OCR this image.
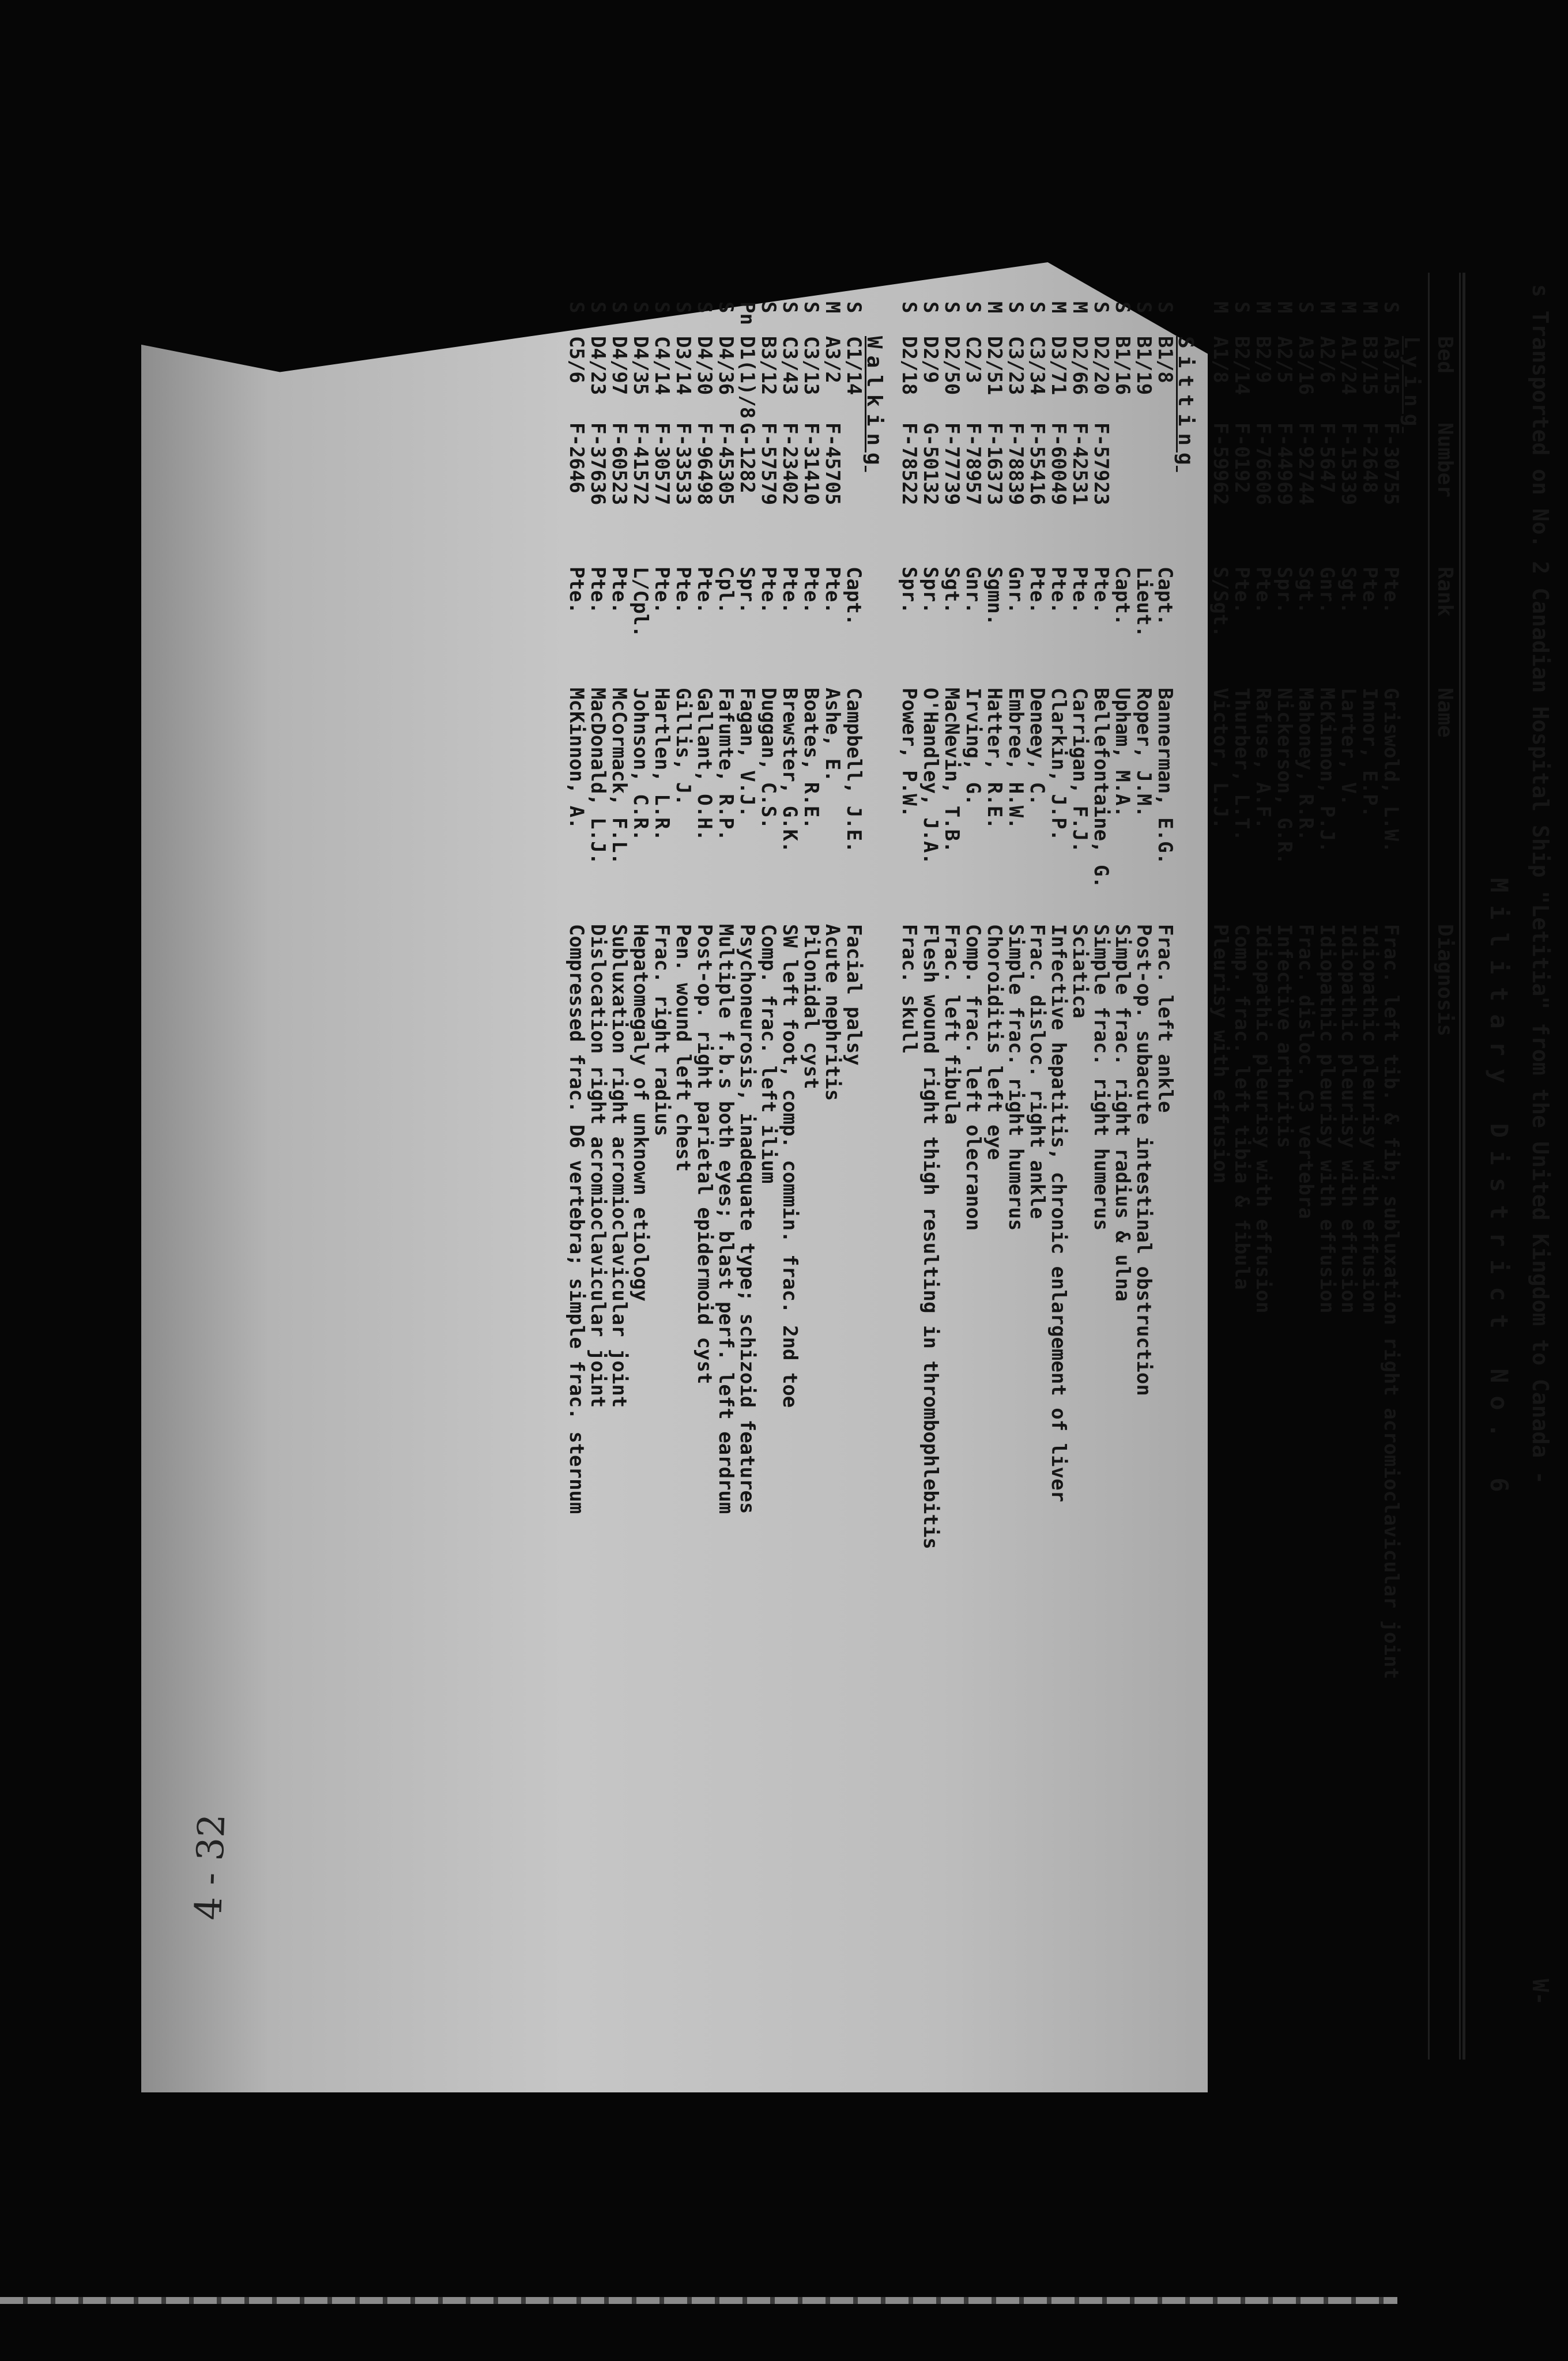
s Transported on No. 2 Canadian Hospital Ship "Letitia" from the United Kingdom to Canada -
W-
Military District No. 6
Bed
Number
Rank
Name
Diagnosis
Lying
S
A3/15
F-30755
Pte.
Griswold, L.W.
Frac. left tib. & fib; subluxation right acromioclavicular joint
M
B3/15
F-2648
Pte.
Innor, E.P.
Idiopathic pleurisy with effusion
M
A1/24
F-15339
Sgt.
Larter, V.
Idiopathic pleurisy with effusion
M
A2/6
F-5647
Gnr.
McKinnon, P.J.
Idiopathic pleurisy with effusion
S
A3/16
F-92744
Sgt.
Mahoney, R.R.
Frac. disloc. C3 vertebra
M
A2/5
F-44969
Spr.
Nickerson, G.R.
Infective arthritis
M
B2/9
F-76606
Pte.
Rafuse, A.F.
Idiopathic pleurisy with effusion
S
B2/14
F-0192
Pte.
Thurber, L.T.
Comp. frac. left tibia & fibula
M
A1/8
F-59962
S/Sgt.
Victor, L.J.
Pleurisy with effusion
Sitting
S
B1/8
Capt.
Bannerman, E.G.
Frac. left ankle
S
B1/19
Lieut.
Roper, J.M.
Post-op. subacute intestinal obstruction
S
B1/16
Capt.
Upham, M.A.
Simple frac. right radius & ulna
S
D2/20
F-57923
Pte.
Bellefontaine, G.
Simple frac. right humerus
M
D2/66
F-42531
Pte.
Carrigan, F.J.
Sciatica
M
D3/71
F-60049
Pte.
Clarkin, J.P.
Infective hepatitis, chronic enlargement of liver
S
C3/34
F-55416
Pte.
Deneey, C.
Frac. disloc. right ankle
S
C3/23
F-78839
Gnr.
Embree, H.W.
Simple frac. right humerus
M
D2/51
F-16373
Sgmn.
Hatter, R.E.
Choroiditis left eye
S
C2/3
F-78957
Gnr.
Irving, G.
Comp. frac. left olecranon
S
D2/50
F-77739
Sgt.
MacNevin, T.B.
Frac. left fibula
S
D2/9
G-50132
Spr.
O'Handley, J.A.
Flesh wound right thigh resulting in thrombophlebitis
S
D2/18
F-78522
Spr.
Power, P.W.
Frac. skull
Walking
S
C1/14
Capt.
Campbell, J.E.
Facial palsy
M
A3/2
F-45705
Pte.
Ashe, E.
Acute nephritis
S
C3/13
F-31410
Pte.
Boates, R.E.
Pilonidal cyst
S
C3/43
F-23402
Pte.
Brewster, G.K.
SW left foot, comp. commin. frac. 2nd toe
S
B3/12
F-57579
Pte.
Duggan, C.S.
Comp. frac. left ilium
Pn
D1(1)/8
G-1282
Spr.
Fagan, V.J.
Psychoneurosis, inadequate type; schizoid features
S
D4/36
F-45305
Cpl.
Fafumte, R.P.
Multiple f.b.s both eyes; blast perf. left eardrum
S
D4/30
F-96498
Pte.
Gallant, O.H.
Post-op. right parietal epidermoid cyst
S
D3/14
F-33533
Pte.
Gillis, J.
Pen. wound left chest
S
C4/14
F-30577
Pte.
Hartlen, L.R.
Frac. right radius
S
D4/35
F-41572
L/Cpl.
Johnson, C.R.
Hepatomegaly of unknown etiology
S
D4/97
F-60523
Pte.
McCormack, F.L.
Subluxation right acromioclavicular joint
S
D4/23
F-37636
Pte.
MacDonald, L.J.
Dislocation right acromioclavicular joint
S
C5/6
F-2646
Pte.
McKinnon, A.
Compressed frac. D6 vertebra; simple frac. sternum
4 - 32
